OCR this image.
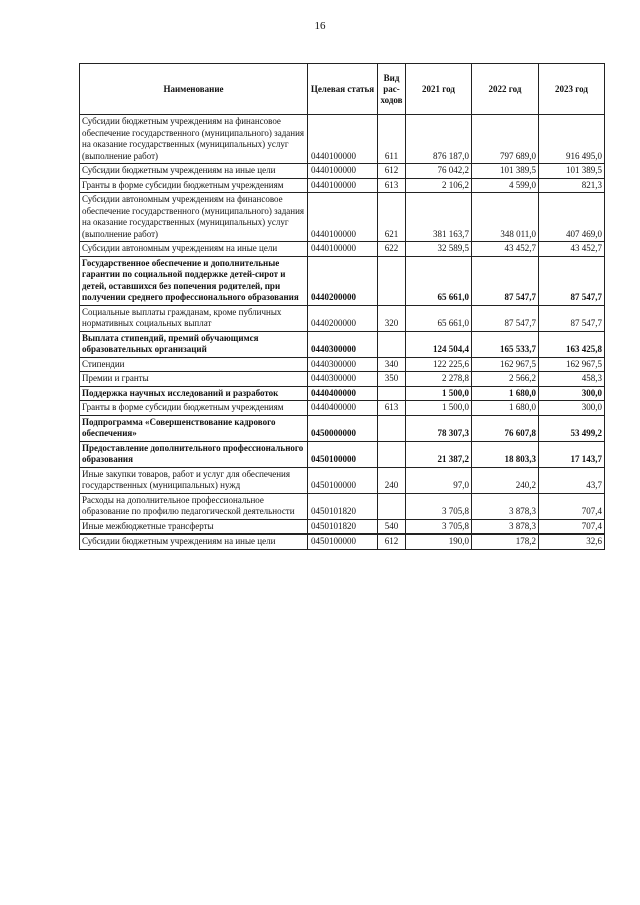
16
Наименование	Целевая статья	Вид рас-ходов	2021 год	2022 год	2023 год
Субсидии бюджетным учреждениям на финансовое обеспечение государственного (муниципального) задания на оказание государственных (муниципальных) услуг (выполнение работ)	0440100000	611	876 187,0	797 689,0	916 495,0
Субсидии бюджетным учреждениям на иные цели	0440100000	612	76 042,2	101 389,5	101 389,5
Гранты в форме субсидии бюджетным учреждениям	0440100000	613	2 106,2	4 599,0	821,3
Субсидии автономным учреждениям на финансовое обеспечение государственного (муниципального) задания на оказание государственных (муниципальных) услуг (выполнение работ)	0440100000	621	381 163,7	348 011,0	407 469,0
Субсидии автономным учреждениям на иные цели	0440100000	622	32 589,5	43 452,7	43 452,7
Государственное обеспечение и дополнительные гарантии по социальной поддержке детей-сирот и детей, оставшихся без попечения родителей, при получении среднего профессионального образования	0440200000		65 661,0	87 547,7	87 547,7
Социальные выплаты гражданам, кроме публичных нормативных социальных выплат	0440200000	320	65 661,0	87 547,7	87 547,7
Выплата стипендий, премий обучающимся образовательных организаций	0440300000		124 504,4	165 533,7	163 425,8
Стипендии	0440300000	340	122 225,6	162 967,5	162 967,5
Премии и гранты	0440300000	350	2 278,8	2 566,2	458,3
Поддержка научных исследований и разработок	0440400000		1 500,0	1 680,0	300,0
Гранты в форме субсидии бюджетным учреждениям	0440400000	613	1 500,0	1 680,0	300,0
Подпрограмма «Совершенствование кадрового обеспечения»	0450000000		78 307,3	76 607,8	53 499,2
Предоставление дополнительного профессионального образования	0450100000		21 387,2	18 803,3	17 143,7
Иные закупки товаров, работ и услуг для обеспечения государственных (муниципальных) нужд	0450100000	240	97,0	240,2	43,7
Расходы на дополнительное профессиональное образование по профилю педагогической деятельности	0450101820		3 705,8	3 878,3	707,4
Иные межбюджетные трансферты	0450101820	540	3 705,8	3 878,3	707,4
Субсидии бюджетным учреждениям на иные цели	0450100000	612	190,0	178,2	32,6
